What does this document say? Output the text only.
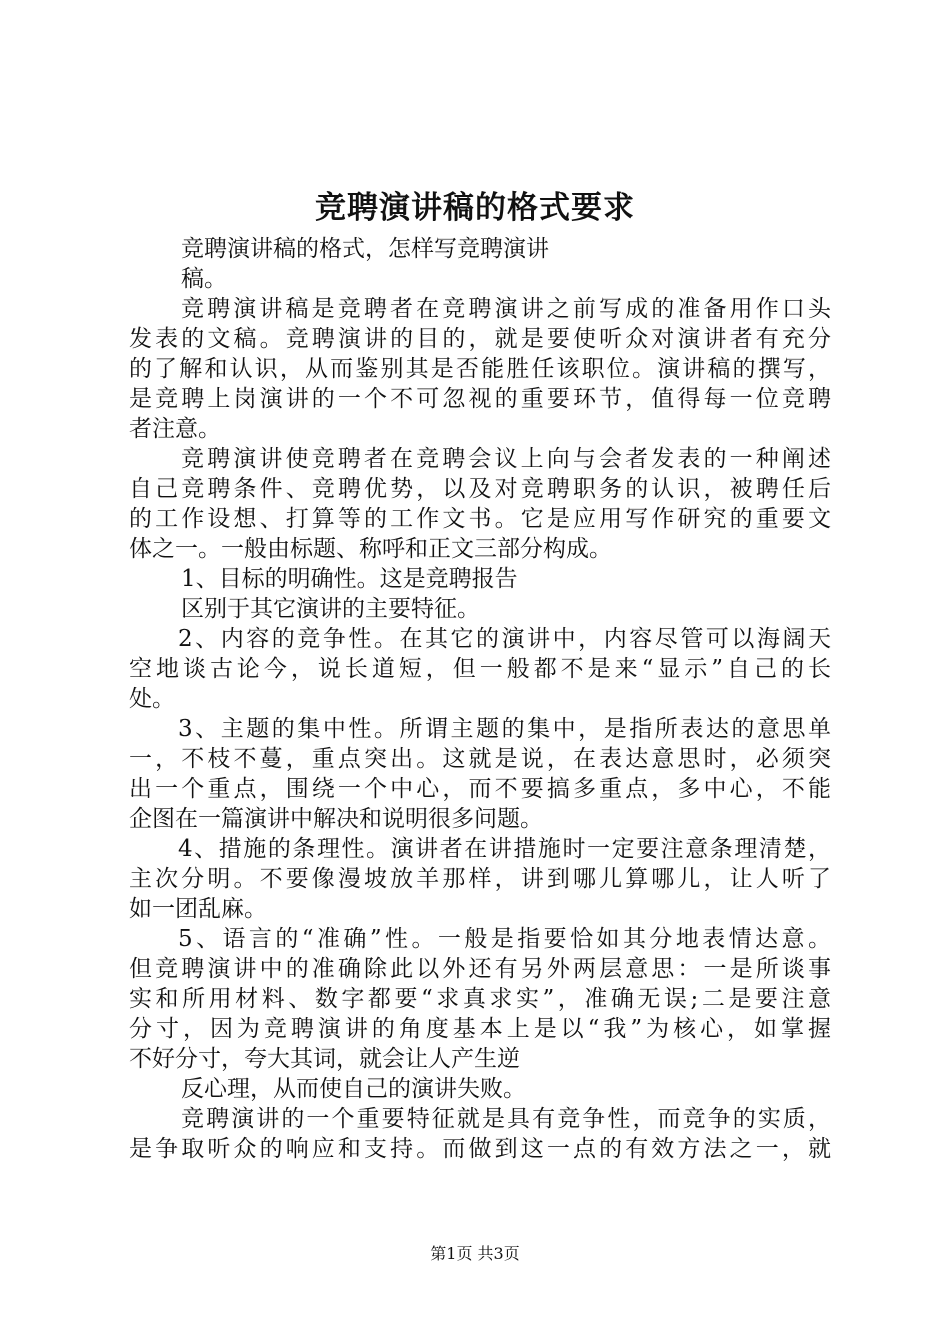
竞聘演讲稿的格式要求
竞聘演讲稿的格式，怎样写竞聘演讲
稿。
竞聘演讲稿是竞聘者在竞聘演讲之前写成的准备用作口头
发表的文稿。竞聘演讲的目的，就是要使听众对演讲者有充分
的了解和认识，从而鉴别其是否能胜任该职位。演讲稿的撰写，
是竞聘上岗演讲的一个不可忽视的重要环节，值得每一位竞聘
者注意。
竞聘演讲使竞聘者在竞聘会议上向与会者发表的一种阐述
自己竞聘条件、竞聘优势，以及对竞聘职务的认识，被聘任后
的工作设想、打算等的工作文书。它是应用写作研究的重要文
体之一。一般由标题、称呼和正文三部分构成。
1、目标的明确性。这是竞聘报告
区别于其它演讲的主要特征。
2、内容的竞争性。在其它的演讲中，内容尽管可以海阔天
空地谈古论今，说长道短，但一般都不是来“显示”自己的长
处。
3、主题的集中性。所谓主题的集中，是指所表达的意思单
一，不枝不蔓，重点突出。这就是说，在表达意思时，必须突
出一个重点，围绕一个中心，而不要搞多重点，多中心，不能
企图在一篇演讲中解决和说明很多问题。
4、措施的条理性。演讲者在讲措施时一定要注意条理清楚，
主次分明。不要像漫坡放羊那样，讲到哪儿算哪儿，让人听了
如一团乱麻。
5、语言的“准确”性。一般是指要恰如其分地表情达意。
但竞聘演讲中的准确除此以外还有另外两层意思：一是所谈事
实和所用材料、数字都要“求真求实”，准确无误;二是要注意
分寸，因为竞聘演讲的角度基本上是以“我”为核心，如掌握
不好分寸，夸大其词，就会让人产生逆
反心理，从而使自己的演讲失败。
竞聘演讲的一个重要特征就是具有竞争性，而竞争的实质，
是争取听众的响应和支持。而做到这一点的有效方法之一，就
第1页 共3页
